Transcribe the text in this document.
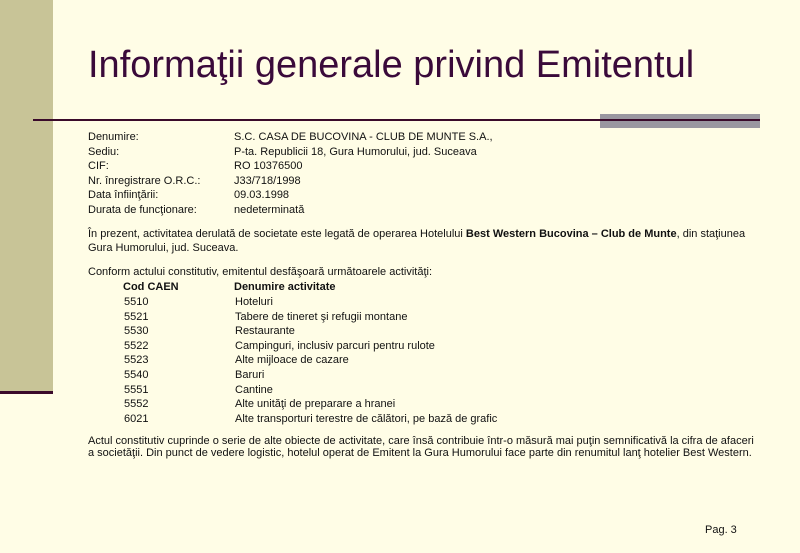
Informaţii generale privind Emitentul
Denumire:	S.C. CASA DE BUCOVINA - CLUB DE MUNTE S.A.,
Sediu:	P-ta. Republicii 18, Gura Humorului, jud. Suceava
CIF:	RO 10376500
Nr. înregistrare O.R.C.:	J33/718/1998
Data înfiinţării:	09.03.1998
Durata de funcţionare:	nedeterminată
În prezent, activitatea derulată de societate este legată de operarea Hotelului Best Western Bucovina – Club de Munte, din staţiunea Gura Humorului, jud. Suceava.
Conform actului constitutiv, emitentul desfăşoară următoarele activităţi:
Cod CAEN	Denumire activitate
5510	Hoteluri
5521	Tabere de tineret şi refugii montane
5530	Restaurante
5522	Campinguri, inclusiv parcuri pentru rulote
5523	Alte mijloace de cazare
5540	Baruri
5551	Cantine
5552	Alte unităţi de preparare a hranei
6021	Alte transporturi terestre de călători, pe bază de grafic
Actul constitutiv cuprinde o serie de alte obiecte de activitate, care însă contribuie într-o măsură mai puţin semnificativă la cifra de afaceri a societăţii. Din punct de vedere logistic, hotelul operat de Emitent la Gura Humorului face parte din renumitul lanţ hotelier Best Western.
Pag. 3
